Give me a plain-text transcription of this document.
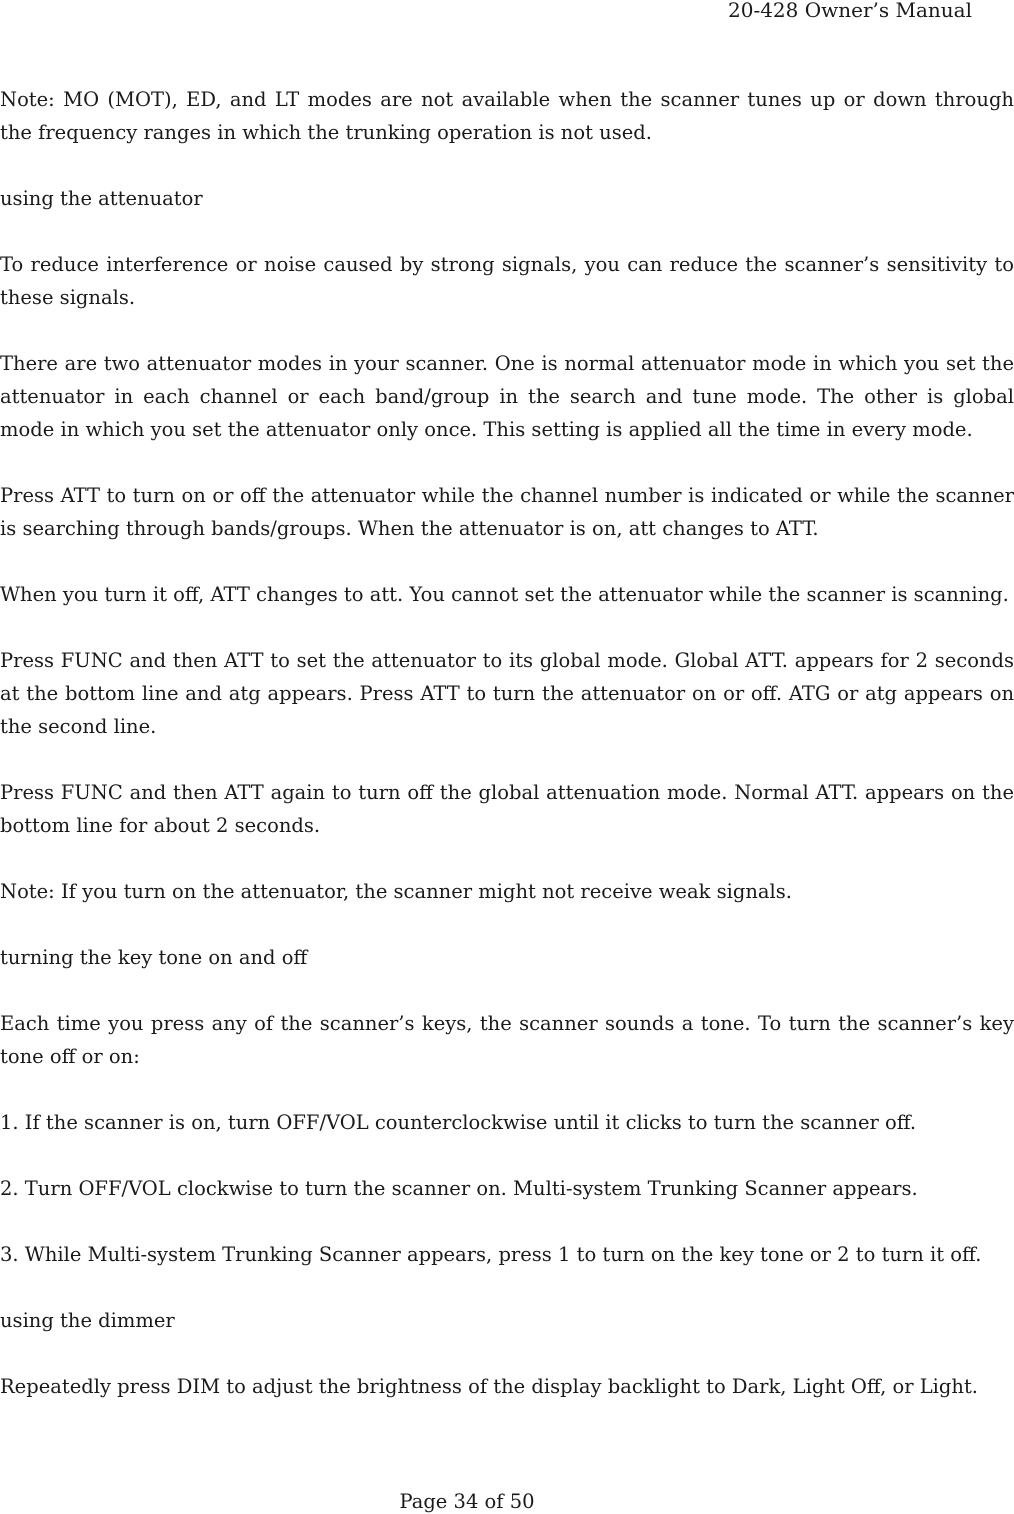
20-428 Owner’s Manual

Note: MO (MOT), ED, and LT modes are not available when the scanner tunes up or down through the frequency ranges in which the trunking operation is not used.

using the attenuator

To reduce interference or noise caused by strong signals, you can reduce the scanner’s sensitivity to these signals.

There are two attenuator modes in your scanner. One is normal attenuator mode in which you set the attenuator in each channel or each band/group in the search and tune mode. The other is global mode in which you set the attenuator only once. This setting is applied all the time in every mode.

Press ATT to turn on or off the attenuator while the channel number is indicated or while the scanner is searching through bands/groups. When the attenuator is on, att changes to ATT.

When you turn it off, ATT changes to att. You cannot set the attenuator while the scanner is scanning.

Press FUNC and then ATT to set the attenuator to its global mode. Global ATT. appears for 2 seconds at the bottom line and atg appears. Press ATT to turn the attenuator on or off. ATG or atg appears on the second line.

Press FUNC and then ATT again to turn off the global attenuation mode. Normal ATT. appears on the bottom line for about 2 seconds.

Note: If you turn on the attenuator, the scanner might not receive weak signals.

turning the key tone on and off

Each time you press any of the scanner’s keys, the scanner sounds a tone. To turn the scanner’s key tone off or on:

1. If the scanner is on, turn OFF/VOL counterclockwise until it clicks to turn the scanner off.

2. Turn OFF/VOL clockwise to turn the scanner on. Multi-system Trunking Scanner appears.

3. While Multi-system Trunking Scanner appears, press 1 to turn on the key tone or 2 to turn it off.

using the dimmer

Repeatedly press DIM to adjust the brightness of the display backlight to Dark, Light Off, or Light.

Page 34 of 50
